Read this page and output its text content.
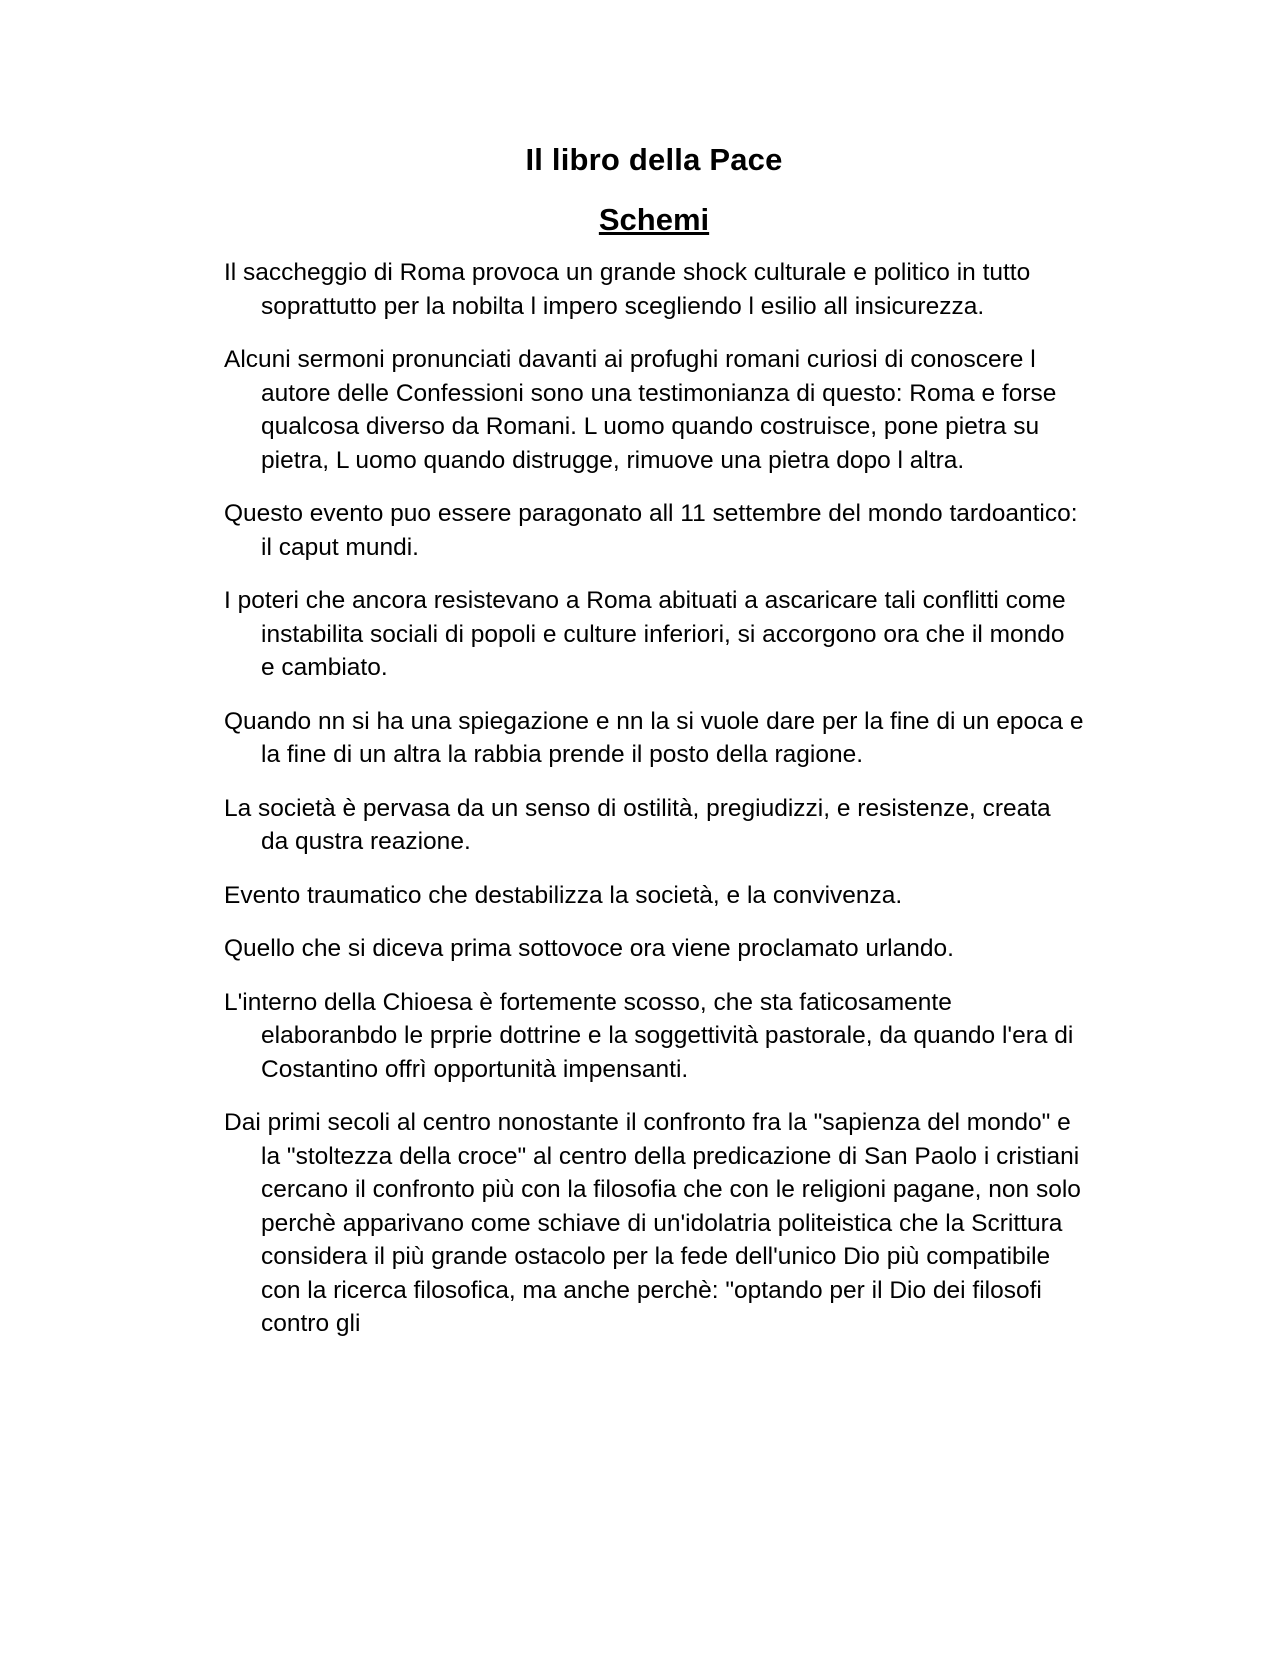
Il libro della Pace
Schemi

Il saccheggio di Roma provoca un grande shock culturale e politico in tutto soprattutto per la nobilta l impero scegliendo l esilio all insicurezza.

Alcuni sermoni pronunciati davanti ai profughi romani curiosi di conoscere l autore delle Confessioni sono una testimonianza di questo: Roma e forse qualcosa diverso da Romani. L uomo quando costruisce, pone pietra su pietra, L uomo quando distrugge, rimuove una pietra dopo l altra.

Questo evento puo essere paragonato all 11 settembre del mondo tardoantico: il caput mundi.

I poteri che ancora resistevano a Roma abituati a ascaricare tali conflitti come instabilita sociali di popoli e culture inferiori, si accorgono ora che il mondo e cambiato.

Quando nn si ha una spiegazione e nn la si vuole dare per la fine di un epoca e la fine di un altra la rabbia prende il posto della ragione.

La società è pervasa da un senso di ostilità, pregiudizzi, e resistenze, creata da qustra reazione.

Evento traumatico che destabilizza la società, e la convivenza.

Quello che si diceva prima sottovoce ora viene proclamato urlando.

L'interno della Chioesa è fortemente scosso, che sta faticosamente elaboranbdo le prprie dottrine e la soggettività pastorale, da quando l'era di Costantino offrì opportunità impensanti.

Dai primi secoli al centro nonostante il confronto fra la "sapienza del mondo" e la "stoltezza della croce" al centro della predicazione di San Paolo i cristiani cercano il confronto più con la filosofia che con le religioni pagane, non solo perchè apparivano come schiave di un'idolatria politeistica che la Scrittura considera il più grande ostacolo per la fede dell'unico Dio più compatibile con la ricerca filosofica, ma anche perchè: "optando per il Dio dei filosofi contro gli
